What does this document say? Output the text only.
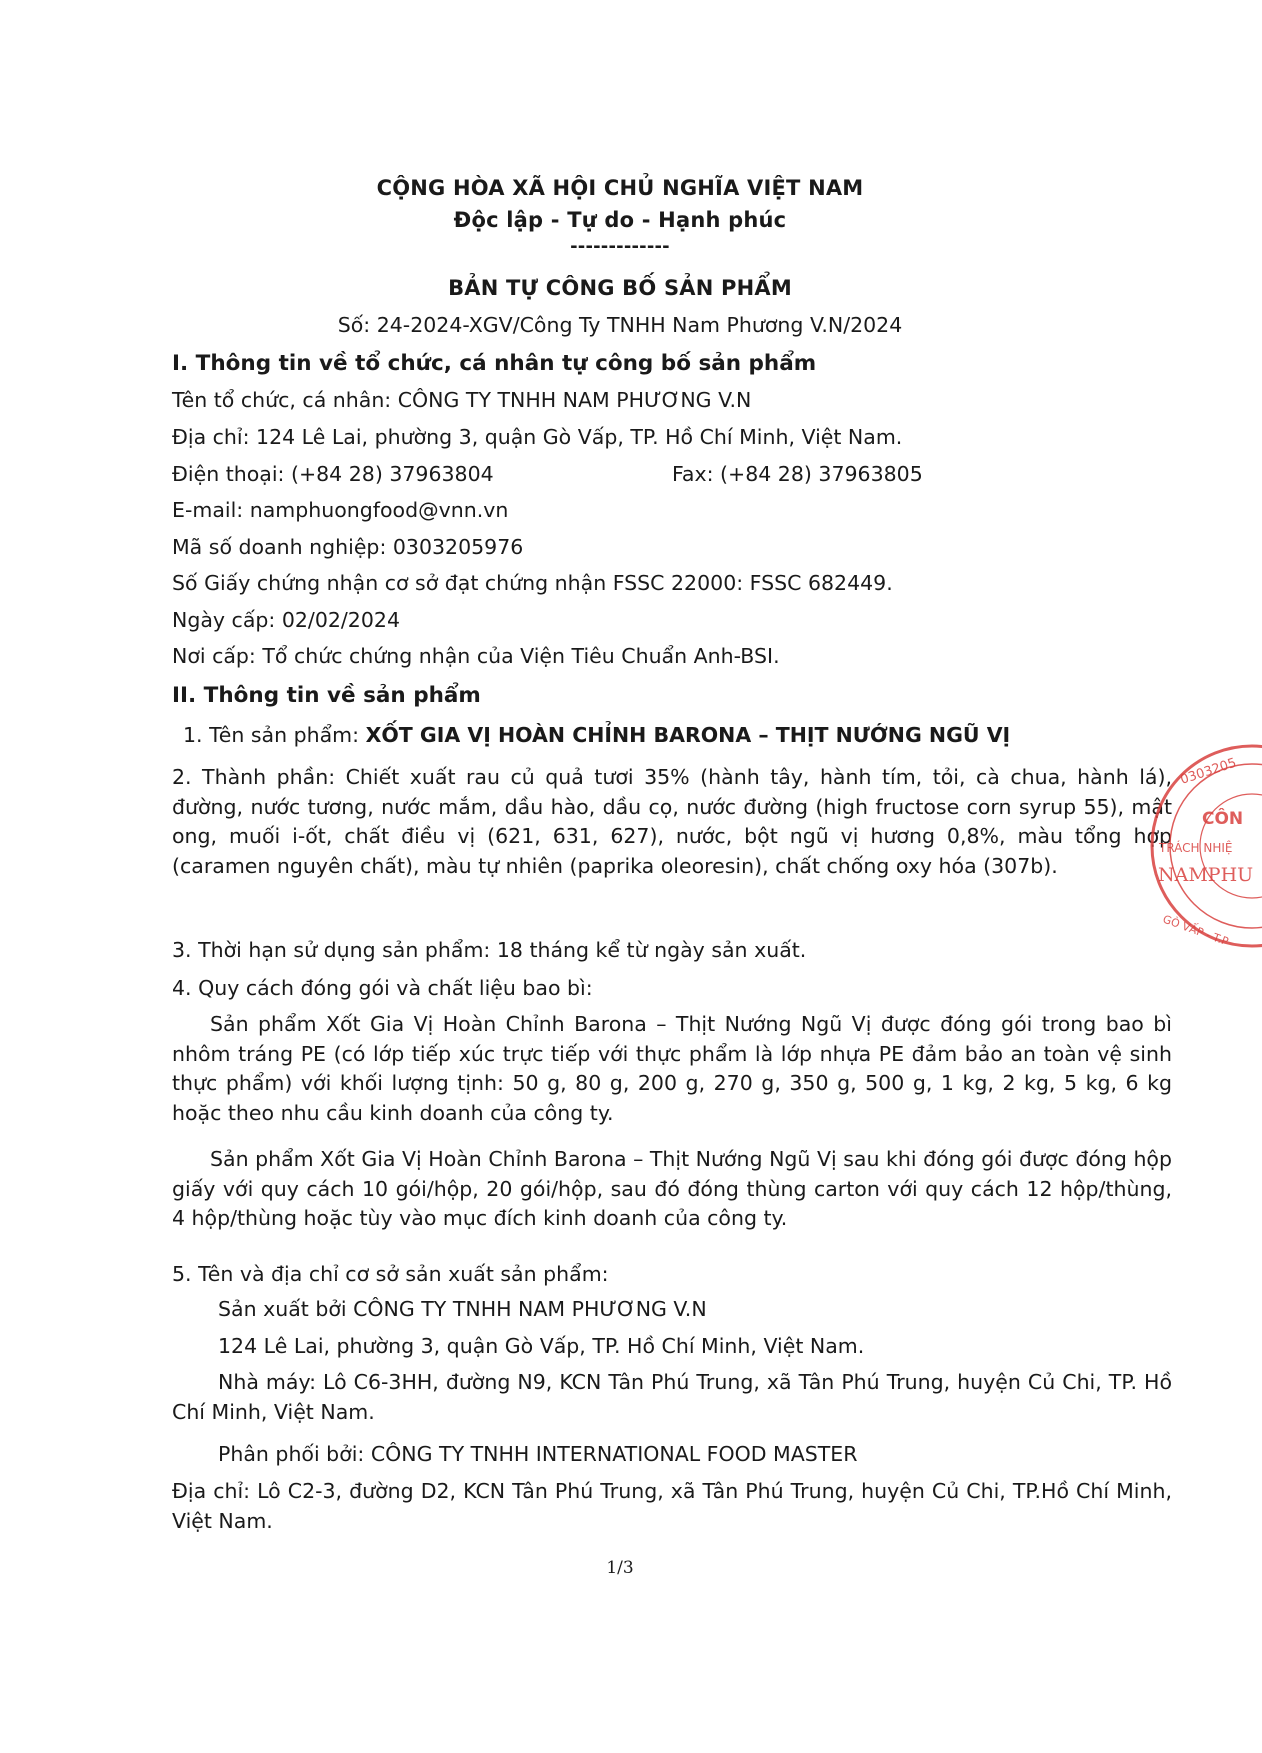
CỘNG HÒA XÃ HỘI CHỦ NGHĨA VIỆT NAM
Độc lập - Tự do - Hạnh phúc
-------------
BẢN TỰ CÔNG BỐ SẢN PHẨM
Số: 24-2024-XGV/Công Ty TNHH Nam Phương V.N/2024
I. Thông tin về tổ chức, cá nhân tự công bố sản phẩm
Tên tổ chức, cá nhân: CÔNG TY TNHH NAM PHƯƠNG V.N
Địa chỉ: 124 Lê Lai, phường 3, quận Gò Vấp, TP. Hồ Chí Minh, Việt Nam.
Điện thoại: (+84 28) 37963804	Fax: (+84 28) 37963805
E-mail: namphuongfood@vnn.vn
Mã số doanh nghiệp: 0303205976
Số Giấy chứng nhận cơ sở đạt chứng nhận FSSC 22000: FSSC 682449.
Ngày cấp: 02/02/2024
Nơi cấp: Tổ chức chứng nhận của Viện Tiêu Chuẩn Anh-BSI.
II. Thông tin về sản phẩm
1. Tên sản phẩm: XỐT GIA VỊ HOÀN CHỈNH BARONA – THỊT NƯỚNG NGŨ VỊ
2. Thành phần: Chiết xuất rau củ quả tươi 35% (hành tây, hành tím, tỏi, cà chua, hành lá), đường, nước tương, nước mắm, dầu hào, dầu cọ, nước đường (high fructose corn syrup 55), mật ong, muối i-ốt, chất điều vị (621, 631, 627), nước, bột ngũ vị hương 0,8%, màu tổng hợp (caramen nguyên chất), màu tự nhiên (paprika oleoresin), chất chống oxy hóa (307b).
3. Thời hạn sử dụng sản phẩm: 18 tháng kể từ ngày sản xuất.
4. Quy cách đóng gói và chất liệu bao bì:
Sản phẩm Xốt Gia Vị Hoàn Chỉnh Barona – Thịt Nướng Ngũ Vị được đóng gói trong bao bì nhôm tráng PE (có lớp tiếp xúc trực tiếp với thực phẩm là lớp nhựa PE đảm bảo an toàn vệ sinh thực phẩm) với khối lượng tịnh: 50 g, 80 g, 200 g, 270 g, 350 g, 500 g, 1 kg, 2 kg, 5 kg, 6 kg hoặc theo nhu cầu kinh doanh của công ty.
Sản phẩm Xốt Gia Vị Hoàn Chỉnh Barona – Thịt Nướng Ngũ Vị sau khi đóng gói được đóng hộp giấy với quy cách 10 gói/hộp, 20 gói/hộp, sau đó đóng thùng carton với quy cách 12 hộp/thùng, 4 hộp/thùng hoặc tùy vào mục đích kinh doanh của công ty.
5. Tên và địa chỉ cơ sở sản xuất sản phẩm:
Sản xuất bởi CÔNG TY TNHH NAM PHƯƠNG V.N
124 Lê Lai, phường 3, quận Gò Vấp, TP. Hồ Chí Minh, Việt Nam.
Nhà máy: Lô C6-3HH, đường N9, KCN Tân Phú Trung, xã Tân Phú Trung, huyện Củ Chi, TP. Hồ Chí Minh, Việt Nam.
Phân phối bởi: CÔNG TY TNHH INTERNATIONAL FOOD MASTER
Địa chỉ: Lô C2-3, đường D2, KCN Tân Phú Trung, xã Tân Phú Trung, huyện Củ Chi, TP.Hồ Chí Minh, Việt Nam.
1/3
0303205
CÔN
TRÁCH NHIỆ
NAMPHU
GÒ VẤP - T.P
